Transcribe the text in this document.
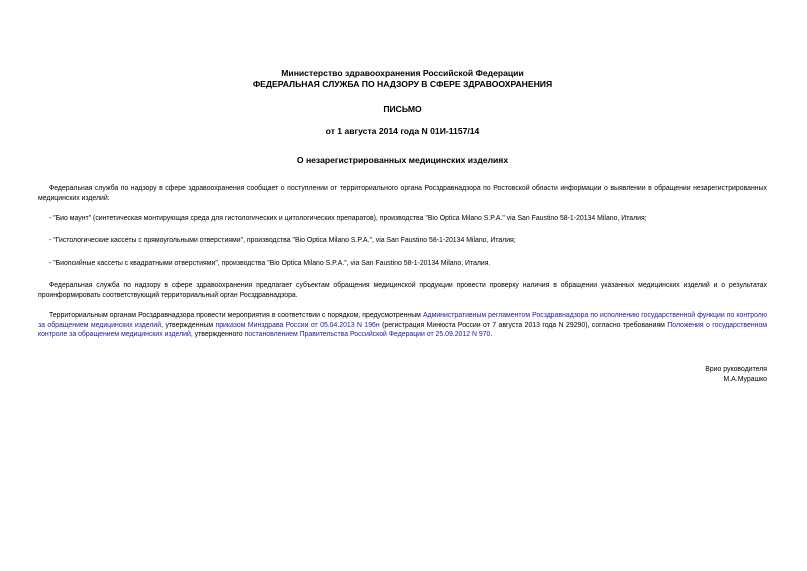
Министерство здравоохранения Российской Федерации
ФЕДЕРАЛЬНАЯ СЛУЖБА ПО НАДЗОРУ В СФЕРЕ ЗДРАВООХРАНЕНИЯ
ПИСЬМО
от 1 августа 2014 года N 01И-1157/14
О незарегистрированных медицинских изделиях

Федеральная служба по надзору в сфере здравоохранения сообщает о поступлении от территориального органа Росздравнадзора по Ростовской области информации о выявлении в обращении незарегистрированных медицинских изделий:

- "Био маунт" (синтетическая монтирующая среда для гистологических и цитологических препаратов), производства "Bio Optica Milano S.P.A." via San Faustino 58-1-20134 Milano, Италия;

- "Гистологические кассеты с прямоугольными отверстиями", производства "Bio Optica Milano S.P.A.", via San Faustino 58-1-20134 Milano, Италия;

- "Биопсийные кассеты с квадратными отверстиями", производства "Bio Optica Milano S.P.A.", via San Faustino 58-1-20134 Milano, Италия.

Федеральная служба по надзору в сфере здравоохранения предлагает субъектам обращения медицинской продукции провести проверку наличия в обращении указанных медицинских изделий и о результатах проинформировать соответствующий территориальный орган Росздравнадзора.

Территориальным органам Росздравнадзора провести мероприятия в соответствии с порядком, предусмотренным Административным регламентом Росздравнадзора по исполнению государственной функции по контролю за обращением медицинских изделий, утвержденным приказом Минздрава России от 05.04.2013 N 196н (регистрация Минюста России от 7 августа 2013 года N 29290), согласно требованиям Положения о государственном контроле за обращением медицинских изделий, утвержденного постановлением Правительства Российской Федерации от 25.09.2012 N 970.

Врио руководителя
М.А.Мурашко
